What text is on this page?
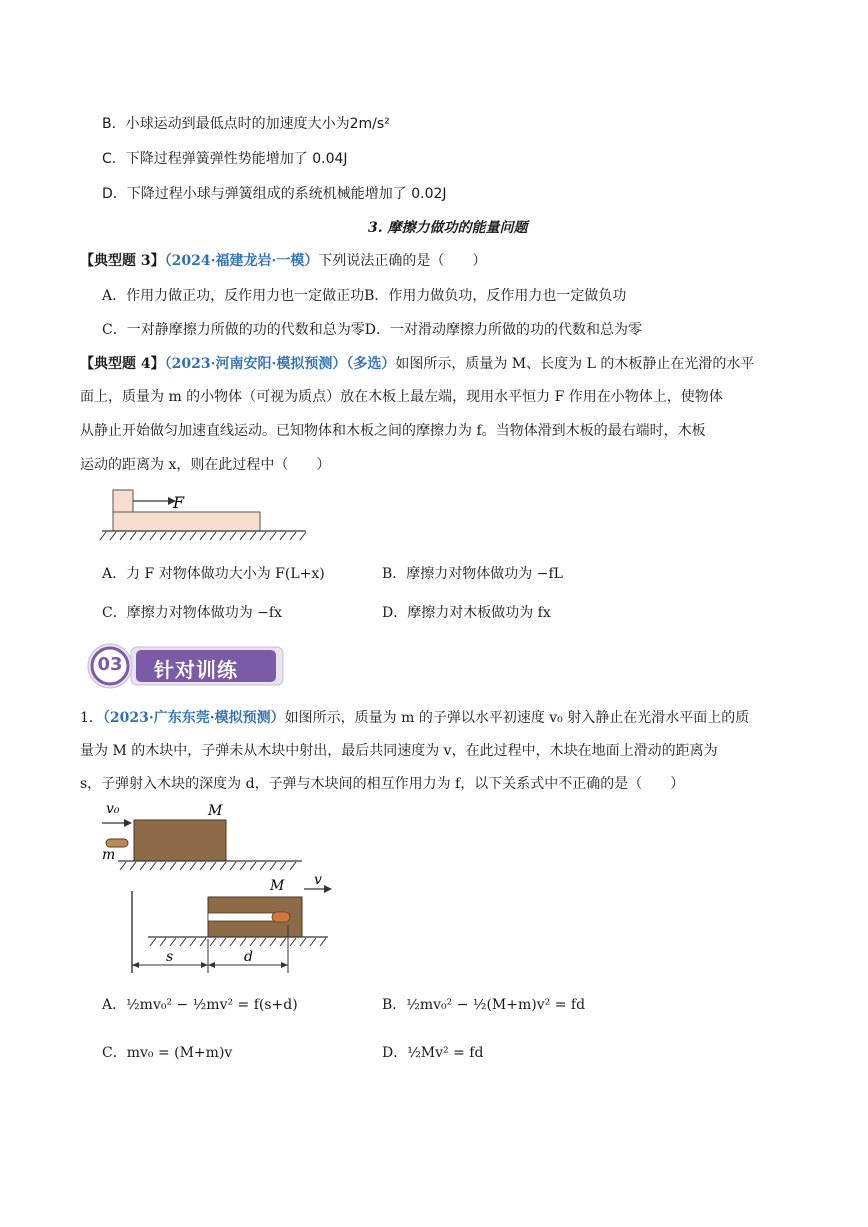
B．小球运动到最低点时的加速度大小为2m/s²
C．下降过程弹簧弹性势能增加了 0.04J
D．下降过程小球与弹簧组成的系统机械能增加了 0.02J
3. 摩擦力做功的能量问题
【典型题 3】（2024·福建龙岩·一模）下列说法正确的是（　　）
A．作用力做正功，反作用力也一定做正功B．作用力做负功，反作用力也一定做负功
C．一对静摩擦力所做的功的代数和总为零D．一对滑动摩擦力所做的功的代数和总为零
【典型题 4】（2023·河南安阳·模拟预测）（多选）如图所示，质量为 M、长度为 L 的木板静止在光滑的水平
面上，质量为 m 的小物体（可视为质点）放在木板上最左端，现用水平恒力 F 作用在小物体上，使物体
从静止开始做匀加速直线运动。已知物体和木板之间的摩擦力为 f。当物体滑到木板的最右端时，木板
运动的距离为 x，则在此过程中（　　）
F
A．力 F 对物体做功大小为 F(L+x)	B．摩擦力对物体做功为 −fL
C．摩擦力对物体做功为 −fx	D．摩擦力对木板做功为 fx
03 针对训练
1．（2023·广东东莞·模拟预测）如图所示，质量为 m 的子弹以水平初速度 v₀ 射入静止在光滑水平面上的质
量为 M 的木块中，子弹未从木块中射出，最后共同速度为 v，在此过程中，木块在地面上滑动的距离为
s，子弹射入木块的深度为 d，子弹与木块间的相互作用力为 f，以下关系式中不正确的是（　　）
v₀	M
m
M v
s	d
A．½mv₀² − ½mv² = f(s+d)	B．½mv₀² − ½(M+m)v² = fd
C．mv₀ = (M+m)v	D．½Mv² = fd
